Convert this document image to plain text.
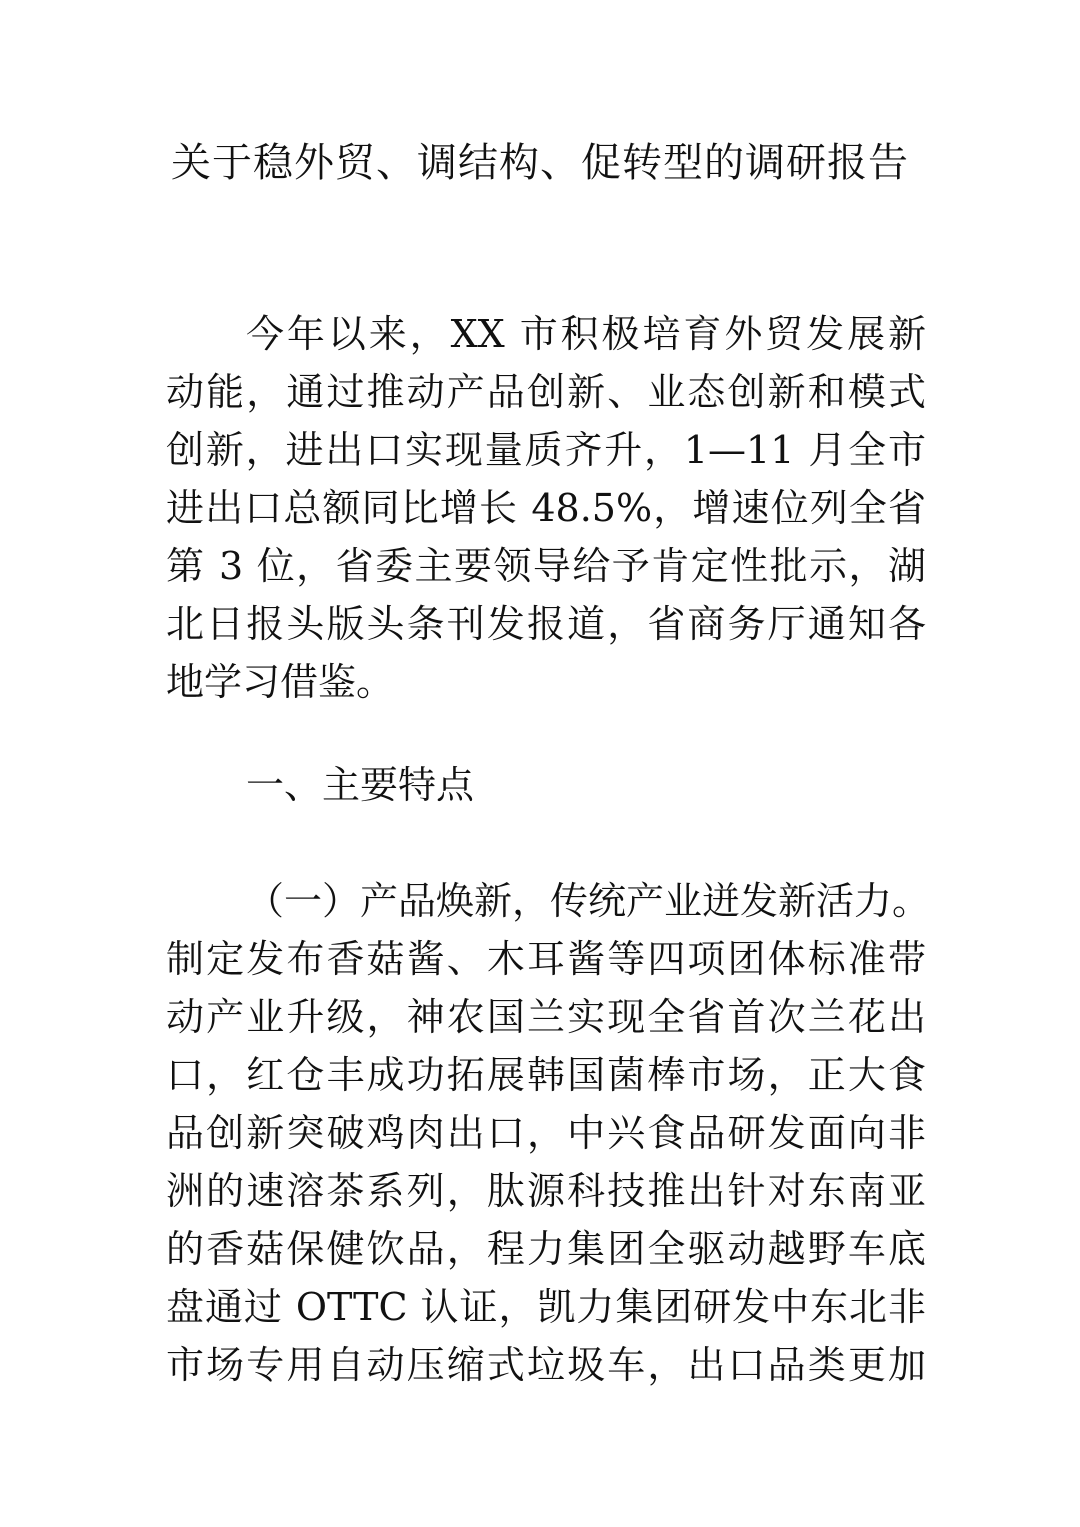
关于稳外贸、调结构、促转型的调研报告
今年以来，XX 市积极培育外贸发展新
动能，通过推动产品创新、业态创新和模式
创新，进出口实现量质齐升，1—11 月全市
进出口总额同比增长 48.5%，增速位列全省
第 3 位，省委主要领导给予肯定性批示，湖
北日报头版头条刊发报道，省商务厅通知各
地学习借鉴。
一、主要特点
（一）产品焕新，传统产业迸发新活力。
制定发布香菇酱、木耳酱等四项团体标准带
动产业升级，神农国兰实现全省首次兰花出
口，红仓丰成功拓展韩国菌棒市场，正大食
品创新突破鸡肉出口，中兴食品研发面向非
洲的速溶茶系列，肽源科技推出针对东南亚
的香菇保健饮品，程力集团全驱动越野车底
盘通过 OTTC 认证，凯力集团研发中东北非
市场专用自动压缩式垃圾车，出口品类更加
